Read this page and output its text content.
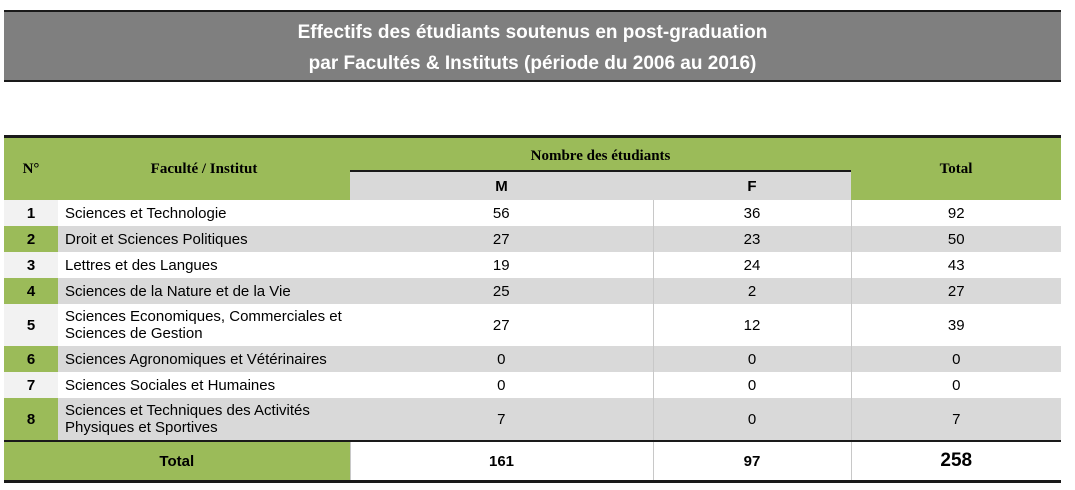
Effectifs des étudiants soutenus en post-graduation
par Facultés & Instituts (période du 2006 au 2016)
N°	Faculté / Institut	Nombre des étudiants		Total
		M	F	
1	Sciences et Technologie	56	36	92
2	Droit et Sciences Politiques	27	23	50
3	Lettres et des Langues	19	24	43
4	Sciences de la Nature et de la Vie	25	2	27
5	Sciences Economiques, Commerciales et Sciences de Gestion	27	12	39
6	Sciences Agronomiques et Vétérinaires	0	0	0
7	Sciences Sociales et Humaines	0	0	0
8	Sciences et Techniques des Activités Physiques et Sportives	7	0	7
Total		161	97	258
